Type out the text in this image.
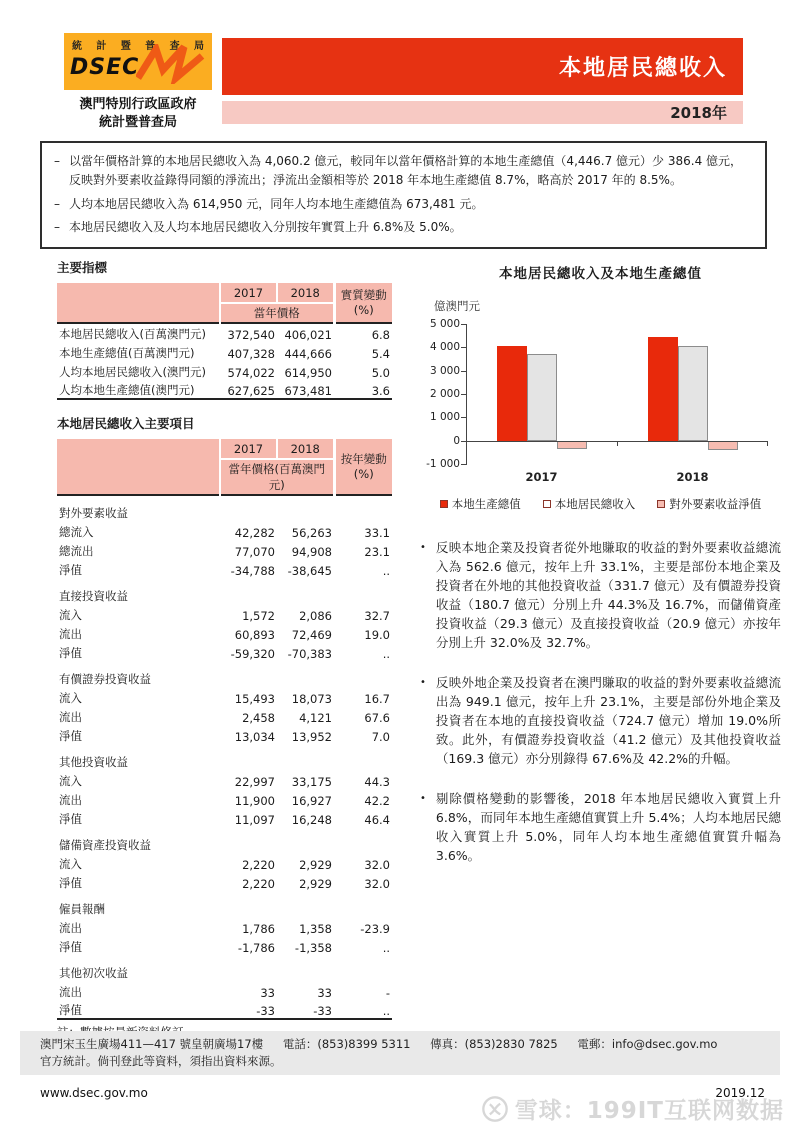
統 計 暨 普 查 局
DSEC
澳門特別行政區政府
統計暨普查局
本地居民總收入
2018年
– 以當年價格計算的本地居民總收入為 4,060.2 億元，較同年以當年價格計算的本地生產總值（4,446.7 億元）少 386.4 億元，反映對外要素收益錄得同額的淨流出；淨流出金額相等於 2018 年本地生產總值 8.7%，略高於 2017 年的 8.5%。
– 人均本地居民總收入為 614,950 元，同年人均本地生產總值為 673,481 元。
– 本地居民總收入及人均本地居民總收入分別按年實質上升 6.8%及 5.0%。
主要指標
	2017	2018	實質變動
(%)
	當年價格		
本地居民總收入(百萬澳門元)	372,540	406,021	6.8
本地生產總值(百萬澳門元)	407,328	444,666	5.4
人均本地居民總收入(澳門元)	574,022	614,950	5.0
人均本地生產總值(澳門元)	627,625	673,481	3.6
本地居民總收入主要項目
	2017	2018	按年變動
(%)
	當年價格(百萬澳門元)		
對外要素收益			
總流入	42,282	56,263	33.1
總流出	77,070	94,908	23.1
淨值	-34,788	-38,645	..
直接投資收益			
流入	1,572	2,086	32.7
流出	60,893	72,469	19.0
淨值	-59,320	-70,383	..
有價證券投資收益			
流入	15,493	18,073	16.7
流出	2,458	4,121	67.6
淨值	13,034	13,952	7.0
其他投資收益			
流入	22,997	33,175	44.3
流出	11,900	16,927	42.2
淨值	11,097	16,248	46.4
儲備資產投資收益			
流入	2,220	2,929	32.0
淨值	2,220	2,929	32.0
僱員報酬			
流出	1,786	1,358	-23.9
淨值	-1,786	-1,358	..
其他初次收益			
流出	33	33	-
淨值	-33	-33	..
本地居民總收入及本地生產總值
億澳門元
5 000
4 000
3 000
2 000
1 000
0
-1 000
2017	2018
本地生產總值	本地居民總收入	對外要素收益淨值
• 反映本地企業及投資者從外地賺取的收益的對外要素收益總流入為 562.6 億元，按年上升 33.1%，主要是部份本地企業及投資者在外地的其他投資收益（331.7 億元）及有價證券投資收益（180.7 億元）分別上升 44.3%及 16.7%，而儲備資產投資收益（29.3 億元）及直接投資收益（20.9 億元）亦按年分別上升 32.0%及 32.7%。
• 反映外地企業及投資者在澳門賺取的收益的對外要素收益總流出為 949.1 億元，按年上升 23.1%，主要是部份外地企業及投資者在本地的直接投資收益（724.7 億元）增加 19.0%所致。此外，有價證券投資收益（41.2 億元）及其他投資收益（169.3 億元）亦分別錄得 67.6%及 42.2%的升幅。
• 剔除價格變動的影響後，2018 年本地居民總收入實質上升 6.8%，而同年本地生產總值實質上升 5.4%；人均本地居民總收入實質上升 5.0%，同年人均本地生產總值實質升幅為 3.6%。
澳門宋玉生廣場411—417 號皇朝廣場17樓 電話：(853)8399 5311 傳真：(853)2830 7825 電郵：info@dsec.gov.mo
官方統計。倘刊登此等資料，須指出資料來源。
www.dsec.gov.mo	2019.12
雪球：199IT互联网数据
